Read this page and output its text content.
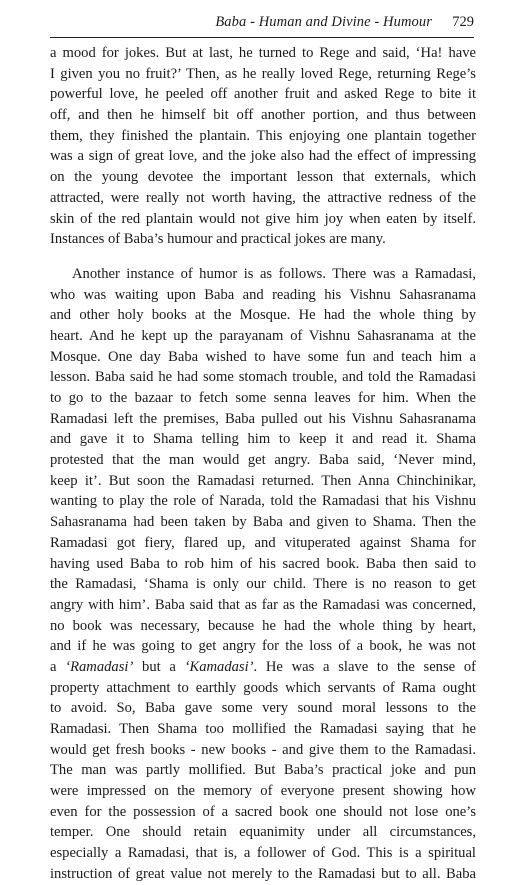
Baba - Human and Divine - Humour 729
a mood for jokes. But at last, he turned to Rege and said, ‘Ha! have
I given you no fruit?’ Then, as he really loved Rege, returning Rege’s
powerful love, he peeled off another fruit and asked Rege to bite it
off, and then he himself bit off another portion, and thus between
them, they finished the plantain. This enjoying one plantain together
was a sign of great love, and the joke also had the effect of impressing
on the young devotee the important lesson that externals, which
attracted, were really not worth having, the attractive redness of the
skin of the red plantain would not give him joy when eaten by itself.
Instances of Baba’s humour and practical jokes are many.
Another instance of humor is as follows. There was a Ramadasi,
who was waiting upon Baba and reading his Vishnu Sahasranama
and other holy books at the Mosque. He had the whole thing by
heart. And he kept up the parayanam of Vishnu Sahasranama at the
Mosque. One day Baba wished to have some fun and teach him a
lesson. Baba said he had some stomach trouble, and told the Ramadasi
to go to the bazaar to fetch some senna leaves for him. When the
Ramadasi left the premises, Baba pulled out his Vishnu Sahasranama
and gave it to Shama telling him to keep it and read it. Shama
protested that the man would get angry. Baba said, ‘Never mind,
keep it’. But soon the Ramadasi returned. Then Anna Chinchinikar,
wanting to play the role of Narada, told the Ramadasi that his Vishnu
Sahasranama had been taken by Baba and given to Shama. Then the
Ramadasi got fiery, flared up, and vituperated against Shama for
having used Baba to rob him of his sacred book. Baba then said to
the Ramadasi, ‘Shama is only our child. There is no reason to get
angry with him’. Baba said that as far as the Ramadasi was concerned,
no book was necessary, because he had the whole thing by heart,
and if he was going to get angry for the loss of a book, he was not
a ‘Ramadasi’ but a ‘Kamadasi’. He was a slave to the sense of
property attachment to earthly goods which servants of Rama ought
to avoid. So, Baba gave some very sound moral lessons to the
Ramadasi. Then Shama too mollified the Ramadasi saying that he
would get fresh books - new books - and give them to the Ramadasi.
The man was partly mollified. But Baba’s practical joke and pun
were impressed on the memory of everyone present showing how
even for the possession of a sacred book one should not lose one’s
temper. One should retain equanimity under all circumstances,
especially a Ramadasi, that is, a follower of God. This is a spiritual
instruction of great value not merely to the Ramadasi but to all. Baba
